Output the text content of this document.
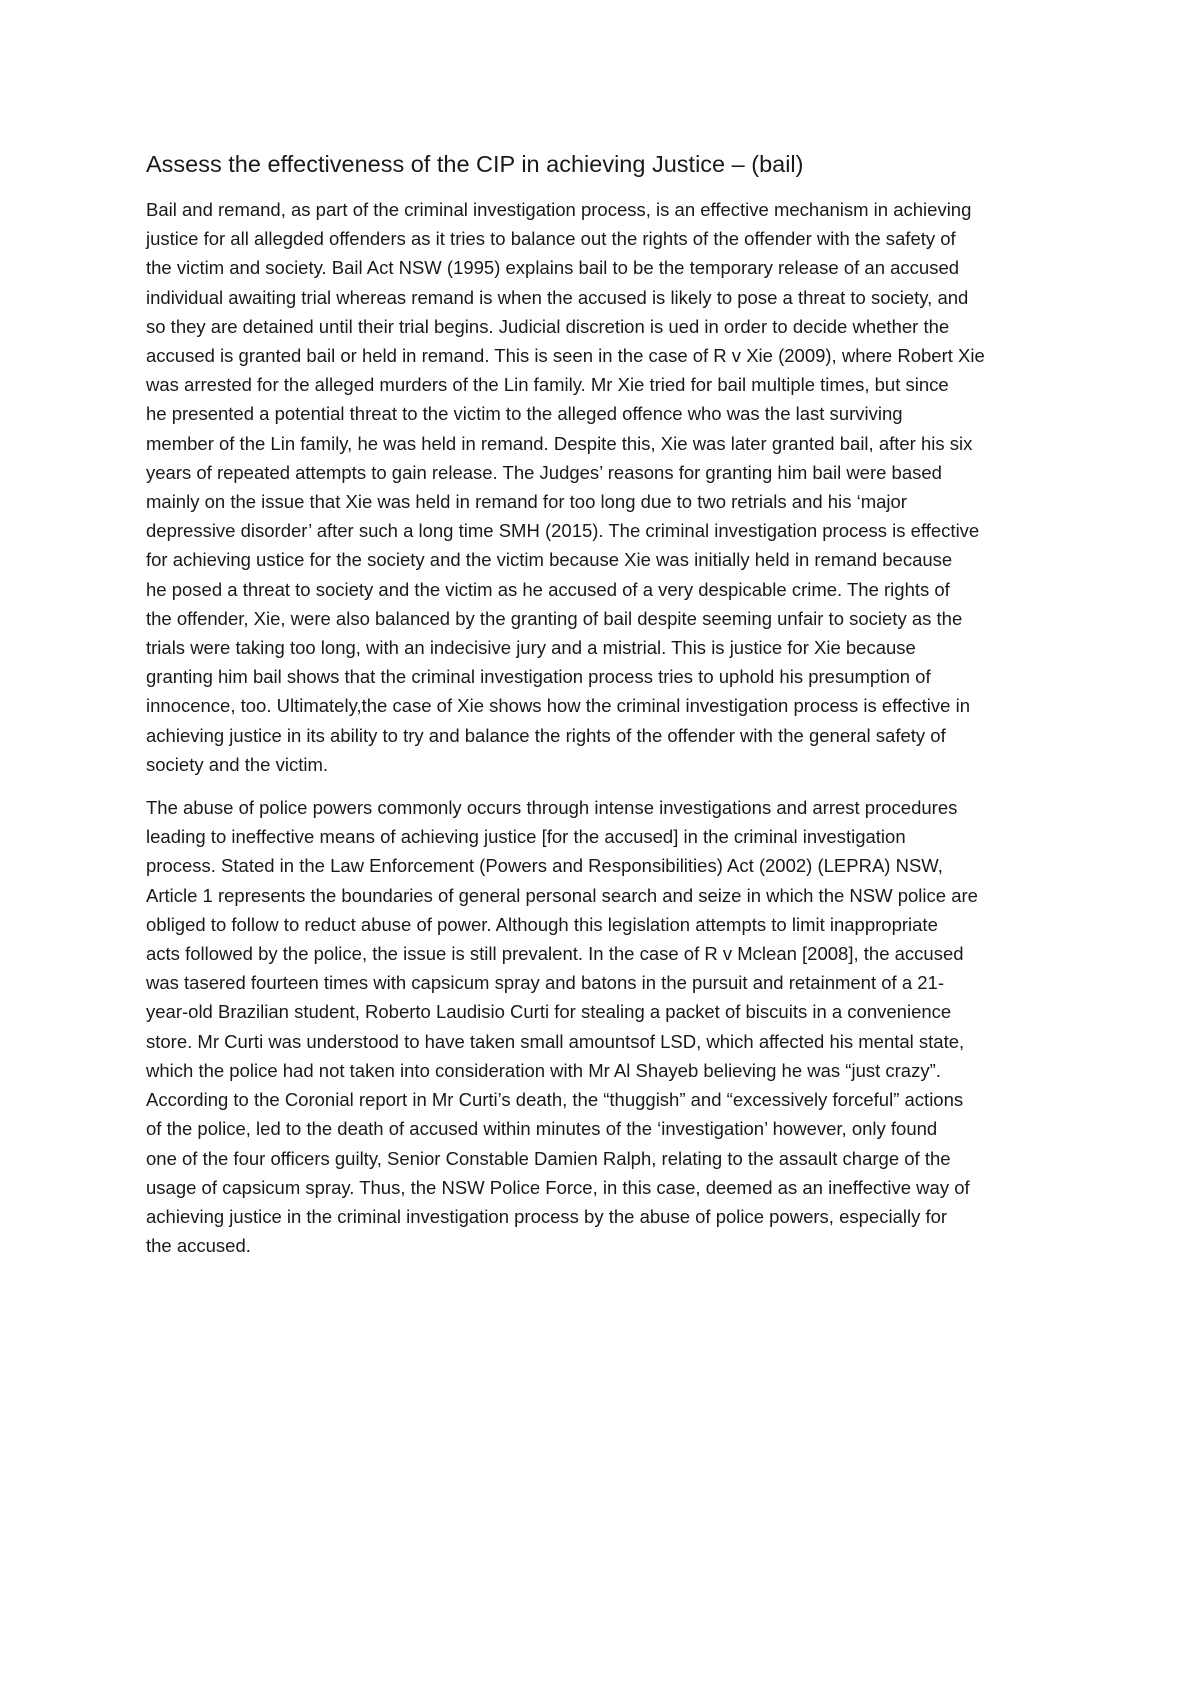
Assess the effectiveness of the CIP in achieving Justice – (bail)

Bail and remand, as part of the criminal investigation process, is an effective mechanism in achieving
justice for all allegded offenders as it tries to balance out the rights of the offender with the safety of
the victim and society. Bail Act NSW (1995) explains bail to be the temporary release of an accused
individual awaiting trial whereas remand is when the accused is likely to pose a threat to society, and
so they are detained until their trial begins. Judicial discretion is ued in order to decide whether the
accused is granted bail or held in remand. This is seen in the case of R v Xie (2009), where Robert Xie
was arrested for the alleged murders of the Lin family. Mr Xie tried for bail multiple times, but since
he presented a potential threat to the victim to the alleged offence who was the last surviving
member of the Lin family, he was held in remand. Despite this, Xie was later granted bail, after his six
years of repeated attempts to gain release. The Judges’ reasons for granting him bail were based
mainly on the issue that Xie was held in remand for too long due to two retrials and his ‘major
depressive disorder’ after such a long time SMH (2015). The criminal investigation process is effective
for achieving ustice for the society and the victim because Xie was initially held in remand because
he posed a threat to society and the victim as he accused of a very despicable crime. The rights of
the offender, Xie, were also balanced by the granting of bail despite seeming unfair to society as the
trials were taking too long, with an indecisive jury and a mistrial. This is justice for Xie because
granting him bail shows that the criminal investigation process tries to uphold his presumption of
innocence, too. Ultimately,the case of Xie shows how the criminal investigation process is effective in
achieving justice in its ability to try and balance the rights of the offender with the general safety of
society and the victim.

The abuse of police powers commonly occurs through intense investigations and arrest procedures
leading to ineffective means of achieving justice [for the accused] in the criminal investigation
process. Stated in the Law Enforcement (Powers and Responsibilities) Act (2002) (LEPRA) NSW,
Article 1 represents the boundaries of general personal search and seize in which the NSW police are
obliged to follow to reduct abuse of power. Although this legislation attempts to limit inappropriate
acts followed by the police, the issue is still prevalent. In the case of R v Mclean [2008], the accused
was tasered fourteen times with capsicum spray and batons in the pursuit and retainment of a 21-
year-old Brazilian student, Roberto Laudisio Curti for stealing a packet of biscuits in a convenience
store. Mr Curti was understood to have taken small amountsof LSD, which affected his mental state,
which the police had not taken into consideration with Mr Al Shayeb believing he was “just crazy”.
According to the Coronial report in Mr Curti’s death, the “thuggish” and “excessively forceful” actions
of the police, led to the death of accused within minutes of the ‘investigation’ however, only found
one of the four officers guilty, Senior Constable Damien Ralph, relating to the assault charge of the
usage of capsicum spray. Thus, the NSW Police Force, in this case, deemed as an ineffective way of
achieving justice in the criminal investigation process by the abuse of police powers, especially for
the accused.
